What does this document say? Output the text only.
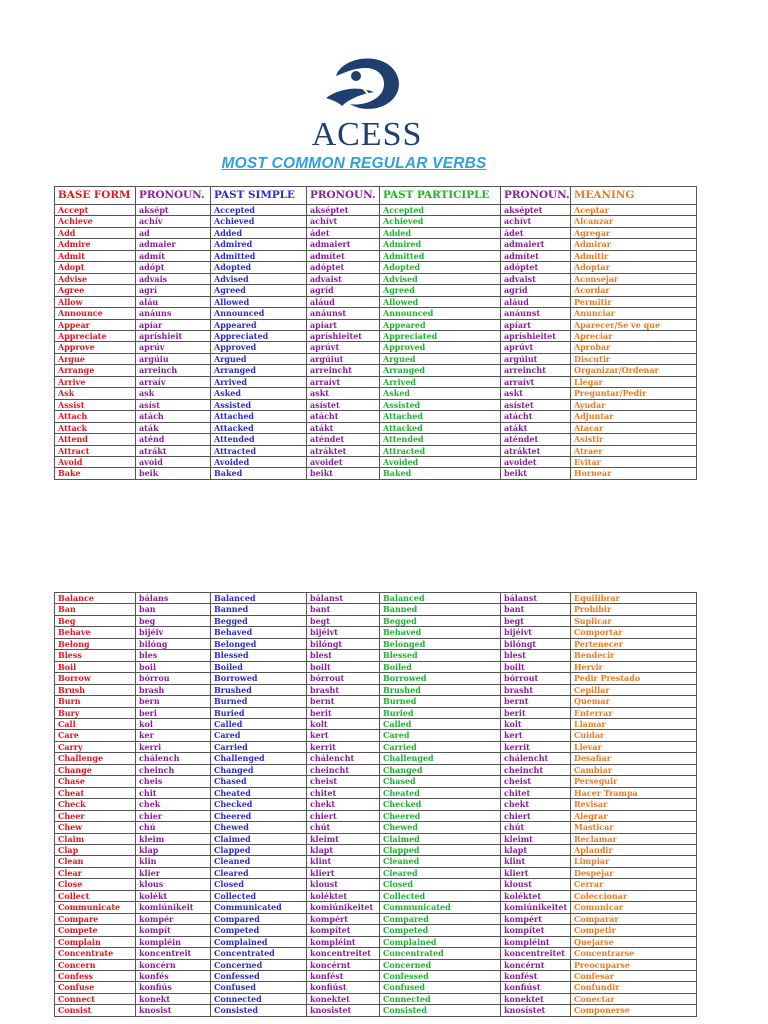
ACESS
MOST COMMON REGULAR VERBS
BASE FORM	PRONOUN.	PAST SIMPLE	PRONOUN.	PAST PARTICIPLE	PRONOUN.	MEANING
Accept	aksépt	Accepted	akséptet	Accepted	akséptet	Aceptar
Achieve	achív	Achieved	achívt	Achieved	achívt	Alcanzar
Add	ad	Added	ádet	Added	ádet	Agregar
Admire	admaier	Admired	admaiert	Admired	admaiert	Admirar
Admit	admít	Admitted	admítet	Admitted	admítet	Admitir
Adopt	adópt	Adopted	adóptet	Adopted	adóptet	Adoptar
Advise	advais	Advised	advaist	Advised	advaist	Aconsejar
Agree	agrí	Agreed	agríd	Agreed	agríd	Acordar
Allow	aláu	Allowed	aláud	Allowed	aláud	Permitir
Announce	anáuns	Announced	anáunst	Announced	anáunst	Anunciar
Appear	apíar	Appeared	apíart	Appeared	apíart	Aparecer/Se ve que
Appreciate	apríshieit	Appreciated	apríshieitet	Appreciated	apríshieitet	Apreciar
Approve	aprúv	Approved	aprúvt	Approved	aprúvt	Aprobar
Argue	argúiu	Argued	argúiut	Argued	argúiut	Discutir
Arrange	arreinch	Arranged	arreincht	Arranged	arreincht	Organizar/Ordenar
Arrive	arraív	Arrived	arraívt	Arrived	arraívt	Llegar
Ask	ask	Asked	askt	Asked	askt	Preguntar/Pedir
Assist	asíst	Assisted	asístet	Assisted	asístet	Ayudar
Attach	atách	Attached	atácht	Attached	atácht	Adjuntar
Attack	aták	Attacked	atákt	Attacked	atákt	Atacar
Attend	aténd	Attended	aténdet	Attended	aténdet	Asistir
Attract	atrákt	Attracted	atráktet	Attracted	atráktet	Atraer
Avoid	avoid	Avoided	avoidet	Avoided	avoidet	Evitar
Bake	beik	Baked	beikt	Baked	beikt	Hornear
Balance	bálans	Balanced	bálanst	Balanced	bálanst	Equilibrar
Ban	ban	Banned	bant	Banned	bant	Prohibir
Beg	beg	Begged	begt	Begged	begt	Suplicar
Behave	bijéiv	Behaved	bijéivt	Behaved	bijéivt	Comportar
Belong	bilóng	Belonged	bilóngt	Belonged	bilóngt	Pertenecer
Bless	bles	Blessed	blest	Blessed	blest	Bendecir
Boil	boil	Boiled	boilt	Boiled	boilt	Hervir
Borrow	bórrou	Borrowed	bórrout	Borrowed	bórrout	Pedir Prestado
Brush	brash	Brushed	brasht	Brushed	brasht	Cepillar
Burn	bern	Burned	bernt	Burned	bernt	Quemar
Bury	beri	Buried	berit	Buried	berit	Enterrar
Call	kol	Called	kolt	Called	kolt	Llamar
Care	ker	Cared	kert	Cared	kert	Cuidar
Carry	kerri	Carried	kerrit	Carried	kerrit	Llevar
Challenge	chálench	Challenged	chálencht	Challenged	chálencht	Desafiar
Change	cheinch	Changed	cheincht	Changed	cheincht	Cambiar
Chase	cheis	Chased	cheist	Chased	cheist	Perseguir
Cheat	chit	Cheated	chitet	Cheated	chitet	Hacer Trampa
Check	chek	Checked	chekt	Checked	chekt	Revisar
Cheer	chier	Cheered	chiert	Cheered	chiert	Alegrar
Chew	chú	Chewed	chút	Chewed	chút	Masticar
Claim	kleim	Claimed	kleimt	Claimed	kleimt	Reclamar
Clap	klap	Clapped	klapt	Clapped	klapt	Aplaudir
Clean	klin	Cleaned	klint	Cleaned	klint	Limpiar
Clear	klier	Cleared	kliert	Cleared	kliert	Despejar
Close	klous	Closed	kloust	Closed	kloust	Cerrar
Collect	kolékt	Collected	koléktet	Collected	koléktet	Coleccionar
Communicate	komiúnikeit	Communicated	komiúnikeitet	Communicated	komiúnikeitet	Comunicar
Compare	kompér	Compared	kompért	Compared	kompért	Comparar
Compete	kompít	Competed	kompítet	Competed	kompítet	Competir
Complain	kompléin	Complained	kompléint	Complained	kompléint	Quejarse
Concentrate	koncentreit	Concentrated	koncentreitet	Concentrated	koncentreitet	Concentrarse
Concern	koncérn	Concerned	koncérnt	Concerned	koncérnt	Preocuparse
Confess	konfés	Confessed	konfést	Confessed	konfést	Confesar
Confuse	konfiús	Confused	konfiúst	Confused	konfiúst	Confundir
Connect	konekt	Connected	konektet	Connected	konektet	Conectar
Consist	knosist	Consisted	knosistet	Consisted	knosístet	Componerse
